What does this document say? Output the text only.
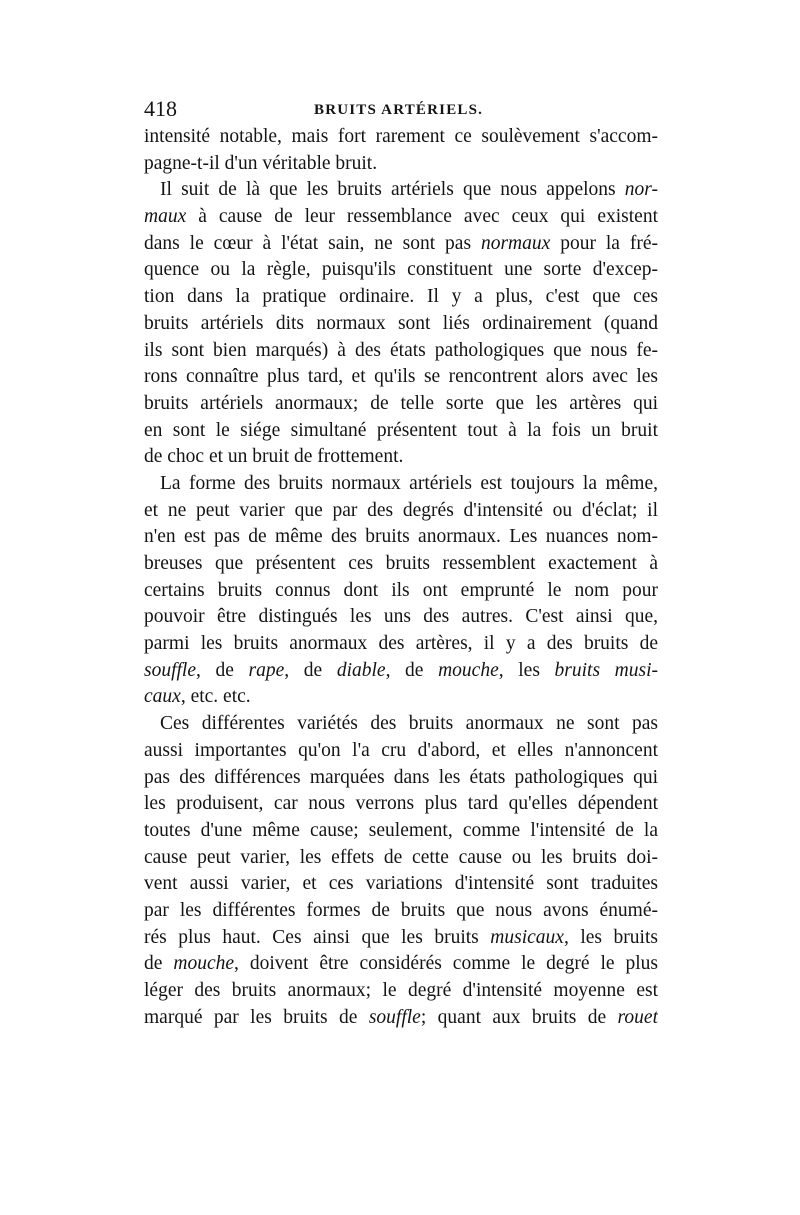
418	BRUITS ARTÉRIELS.
intensité notable, mais fort rarement ce soulèvement s'accom-
pagne-t-il d'un véritable bruit.
Il suit de là que les bruits artériels que nous appelons nor-
maux à cause de leur ressemblance avec ceux qui existent
dans le cœur à l'état sain, ne sont pas normaux pour la fré-
quence ou la règle, puisqu'ils constituent une sorte d'excep-
tion dans la pratique ordinaire. Il y a plus, c'est que ces
bruits artériels dits normaux sont liés ordinairement (quand
ils sont bien marqués) à des états pathologiques que nous fe-
rons connaître plus tard, et qu'ils se rencontrent alors avec les
bruits artériels anormaux; de telle sorte que les artères qui
en sont le siége simultané présentent tout à la fois un bruit
de choc et un bruit de frottement.
La forme des bruits normaux artériels est toujours la même,
et ne peut varier que par des degrés d'intensité ou d'éclat; il
n'en est pas de même des bruits anormaux. Les nuances nom-
breuses que présentent ces bruits ressemblent exactement à
certains bruits connus dont ils ont emprunté le nom pour
pouvoir être distingués les uns des autres. C'est ainsi que,
parmi les bruits anormaux des artères, il y a des bruits de
souffle, de rape, de diable, de mouche, les bruits musi-
caux, etc. etc.
Ces différentes variétés des bruits anormaux ne sont pas
aussi importantes qu'on l'a cru d'abord, et elles n'annoncent
pas des différences marquées dans les états pathologiques qui
les produisent, car nous verrons plus tard qu'elles dépendent
toutes d'une même cause; seulement, comme l'intensité de la
cause peut varier, les effets de cette cause ou les bruits doi-
vent aussi varier, et ces variations d'intensité sont traduites
par les différentes formes de bruits que nous avons énumé-
rés plus haut. Ces ainsi que les bruits musicaux, les bruits
de mouche, doivent être considérés comme le degré le plus
léger des bruits anormaux; le degré d'intensité moyenne est
marqué par les bruits de souffle; quant aux bruits de rouet
